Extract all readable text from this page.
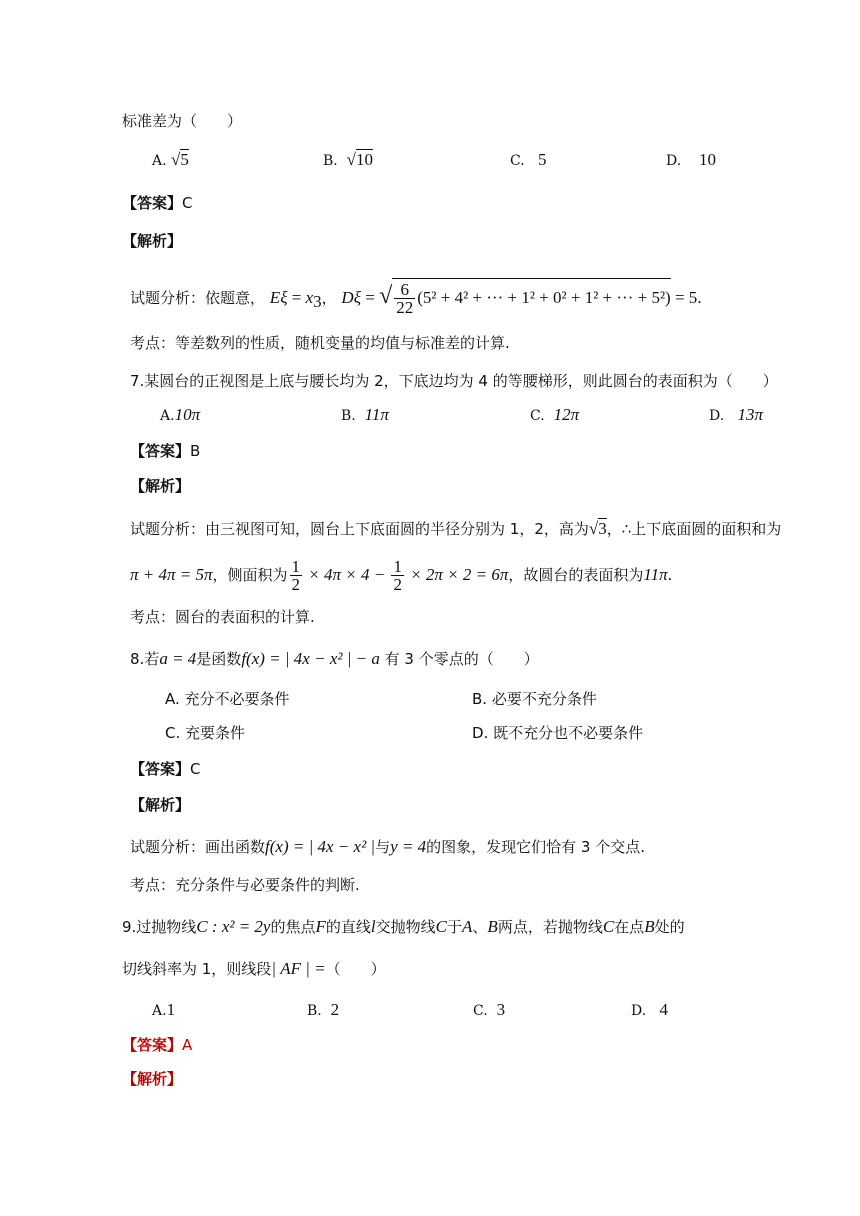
标准差为（　　）
A. √5	B. √10	C. 5	D. 10
【答案】C
【解析】
试题分析：依题意， $E\xi = x_3$， Dξ = √ $\frac{6}{22} (5^2 + 4^2$ + ··· + 1² + 0² + 1² + ··· + 5²) = 5.
考点：等差数列的性质，随机变量的均值与标准差的计算.
7.某圆台的正视图是上底与腰长均为 2，下底边均为 4 的等腰梯形，则此圆台的表面积为（　　）
A.10π	B. 11π	C. 12π	D. 13π
【答案】B
【解析】
试题分析：由三视图可知，圆台上下底面圆的半径分别为 1，2，高为√3，∴上下底面圆的面积和为
π + 4π = 5π，侧面积为 $\frac{1}{2} \times 4\pi \times 4 - \frac{1}{2} \times 2\pi \times 2 = 6\pi$，故圆台的表面积为11π.
考点：圆台的表面积的计算.
8.若a = 4是函数f(x) = | 4x − x² | − a 有 3 个零点的（　　）
A. 充分不必要条件	B. 必要不充分条件
C. 充要条件	D. 既不充分也不必要条件
【答案】C
【解析】
试题分析：画出函数f(x) = | 4x − x² |与y = 4的图象，发现它们恰有 3 个交点.
考点：充分条件与必要条件的判断.
9.过抛物线C : x² = 2y的焦点F的直线l交抛物线C于A、B两点，若抛物线C在点B处的
切线斜率为 1，则线段| AF | =（　　）
A.1	B. 2	C. 3	D. 4
【答案】A
【解析】
